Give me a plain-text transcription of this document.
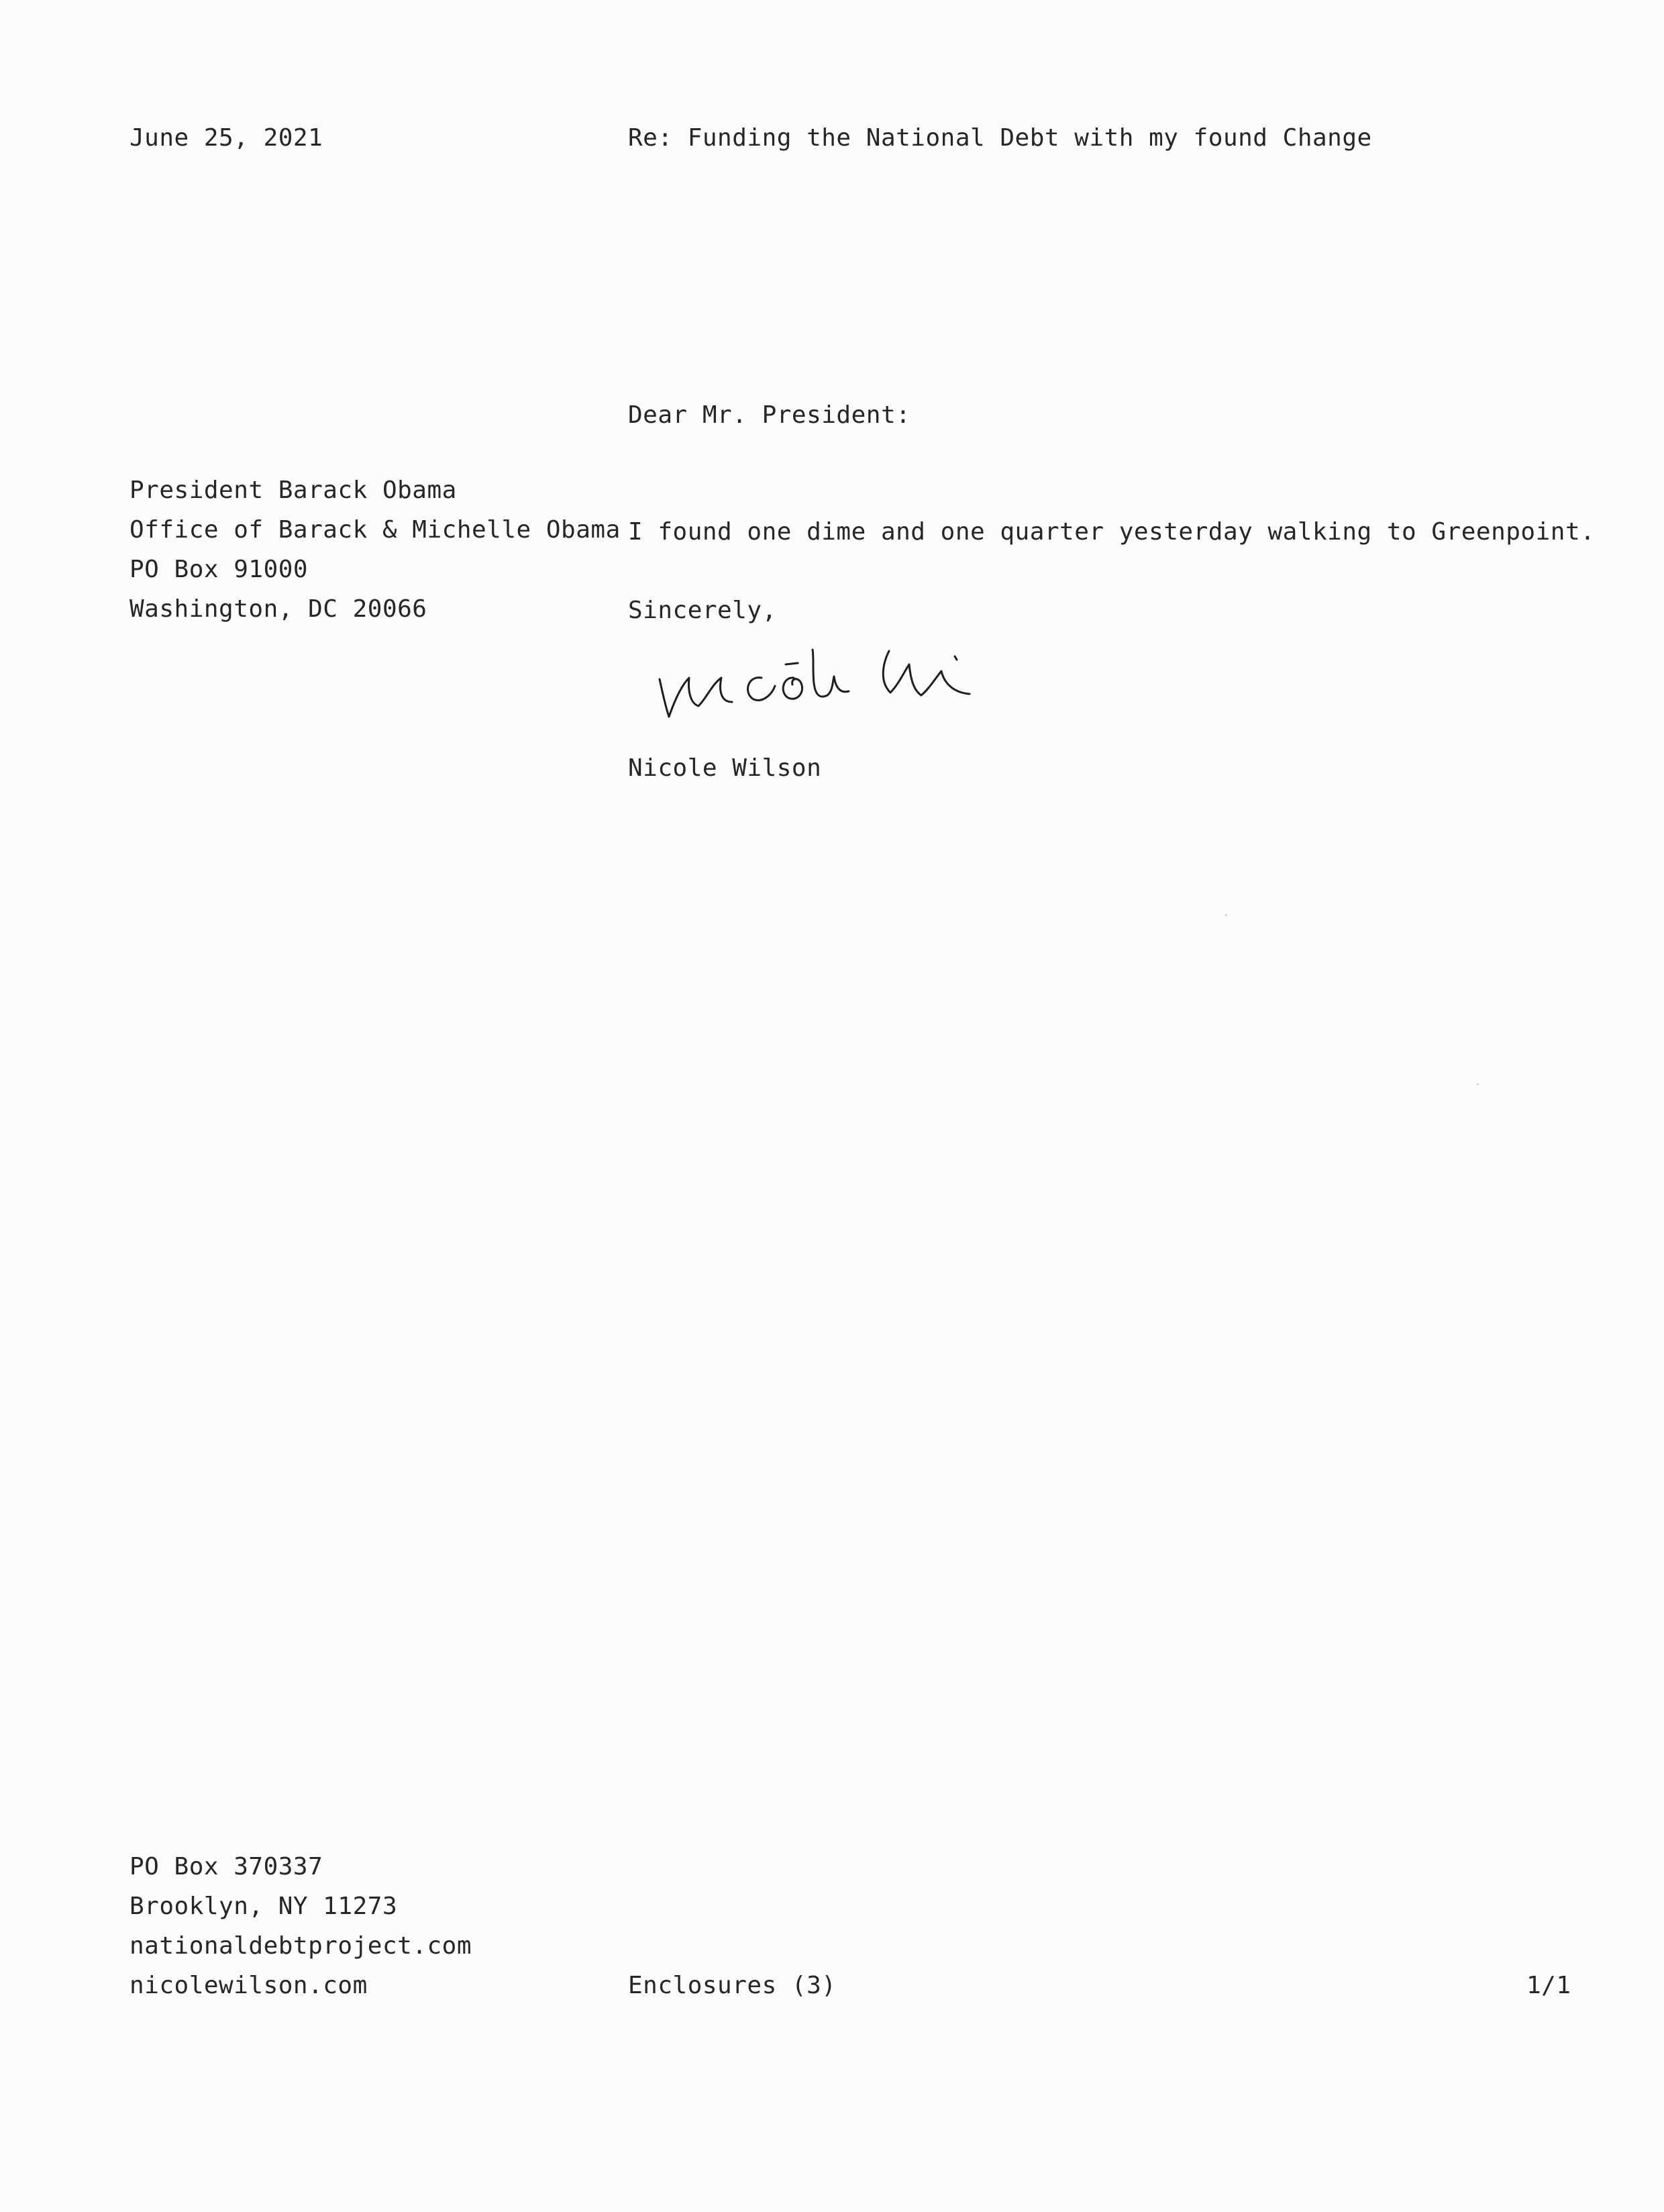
June 25, 2021	Re: Funding the National Debt with my found Change
Dear Mr. President:
President Barack Obama
Office of Barack & Michelle Obama
PO Box 91000
Washington, DC 20066
I found one dime and one quarter yesterday walking to Greenpoint.
Sincerely,
Nicole Wilson
PO Box 370337
Brooklyn, NY 11273
nationaldebtproject.com
nicolewilson.com	Enclosures (3)	1/1
